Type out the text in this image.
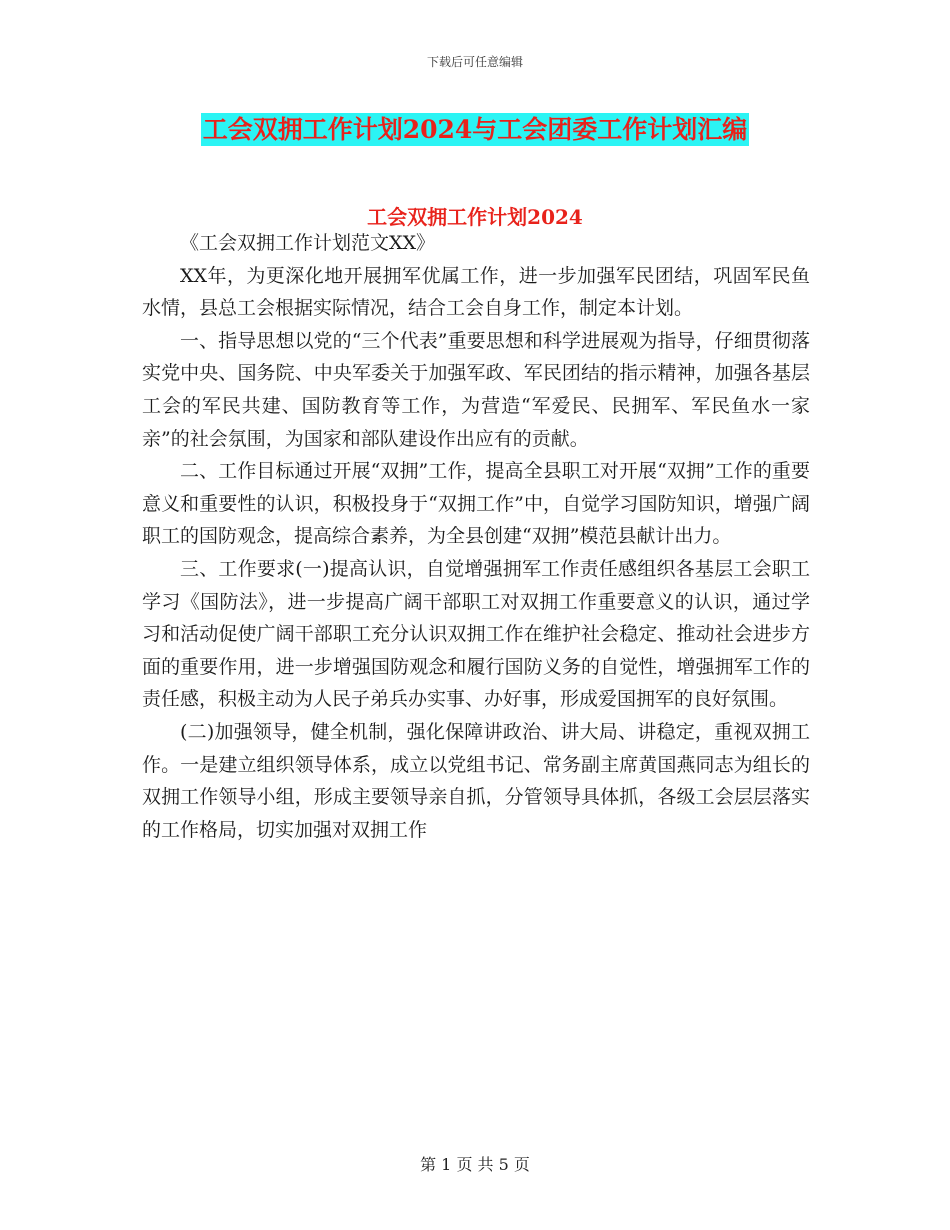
下载后可任意编辑
工会双拥工作计划2024与工会团委工作计划汇编
工会双拥工作计划2024

《工会双拥工作计划范文XX》

XX年，为更深化地开展拥军优属工作，进一步加强军民团结，巩固军民鱼水情，县总工会根据实际情况，结合工会自身工作，制定本计划。

一、指导思想以党的“三个代表”重要思想和科学进展观为指导，仔细贯彻落实党中央、国务院、中央军委关于加强军政、军民团结的指示精神，加强各基层工会的军民共建、国防教育等工作，为营造“军爱民、民拥军、军民鱼水一家亲”的社会氛围，为国家和部队建设作出应有的贡献。

二、工作目标通过开展“双拥”工作，提高全县职工对开展“双拥”工作的重要意义和重要性的认识，积极投身于“双拥工作”中，自觉学习国防知识，增强广阔职工的国防观念，提高综合素养，为全县创建“双拥”模范县献计出力。

三、工作要求(一)提高认识，自觉增强拥军工作责任感组织各基层工会职工学习《国防法》，进一步提高广阔干部职工对双拥工作重要意义的认识，通过学习和活动促使广阔干部职工充分认识双拥工作在维护社会稳定、推动社会进步方面的重要作用，进一步增强国防观念和履行国防义务的自觉性，增强拥军工作的责任感，积极主动为人民子弟兵办实事、办好事，形成爱国拥军的良好氛围。

(二)加强领导，健全机制，强化保障讲政治、讲大局、讲稳定，重视双拥工作。一是建立组织领导体系，成立以党组书记、常务副主席黄国燕同志为组长的双拥工作领导小组，形成主要领导亲自抓，分管领导具体抓，各级工会层层落实的工作格局，切实加强对双拥工作

第 1 页 共 5 页
